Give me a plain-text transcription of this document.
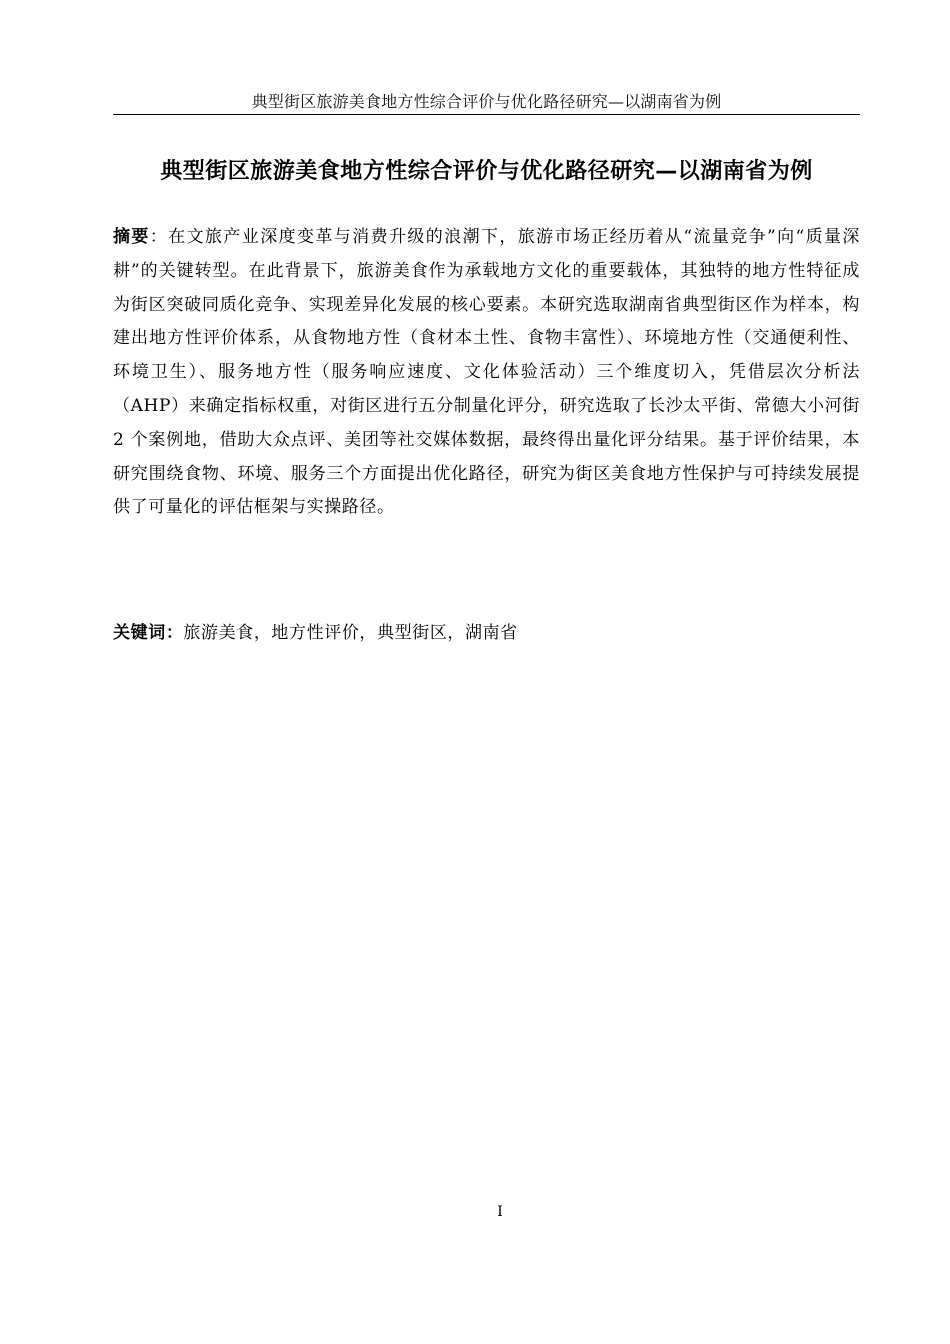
典型街区旅游美食地方性综合评价与优化路径研究—以湖南省为例
典型街区旅游美食地方性综合评价与优化路径研究—以湖南省为例
摘要：在文旅产业深度变革与消费升级的浪潮下，旅游市场正经历着从“流量竞争”向“质量深耕”的关键转型。在此背景下，旅游美食作为承载地方文化的重要载体，其独特的地方性特征成为街区突破同质化竞争、实现差异化发展的核心要素。本研究选取湖南省典型街区作为样本，构建出地方性评价体系，从食物地方性（食材本土性、食物丰富性）、环境地方性（交通便利性、环境卫生）、服务地方性（服务响应速度、文化体验活动）三个维度切入，凭借层次分析法（AHP）来确定指标权重，对街区进行五分制量化评分，研究选取了长沙太平街、常德大小河街 2 个案例地，借助大众点评、美团等社交媒体数据，最终得出量化评分结果。基于评价结果，本研究围绕食物、环境、服务三个方面提出优化路径，研究为街区美食地方性保护与可持续发展提供了可量化的评估框架与实操路径。
关键词：旅游美食，地方性评价，典型街区，湖南省
I
